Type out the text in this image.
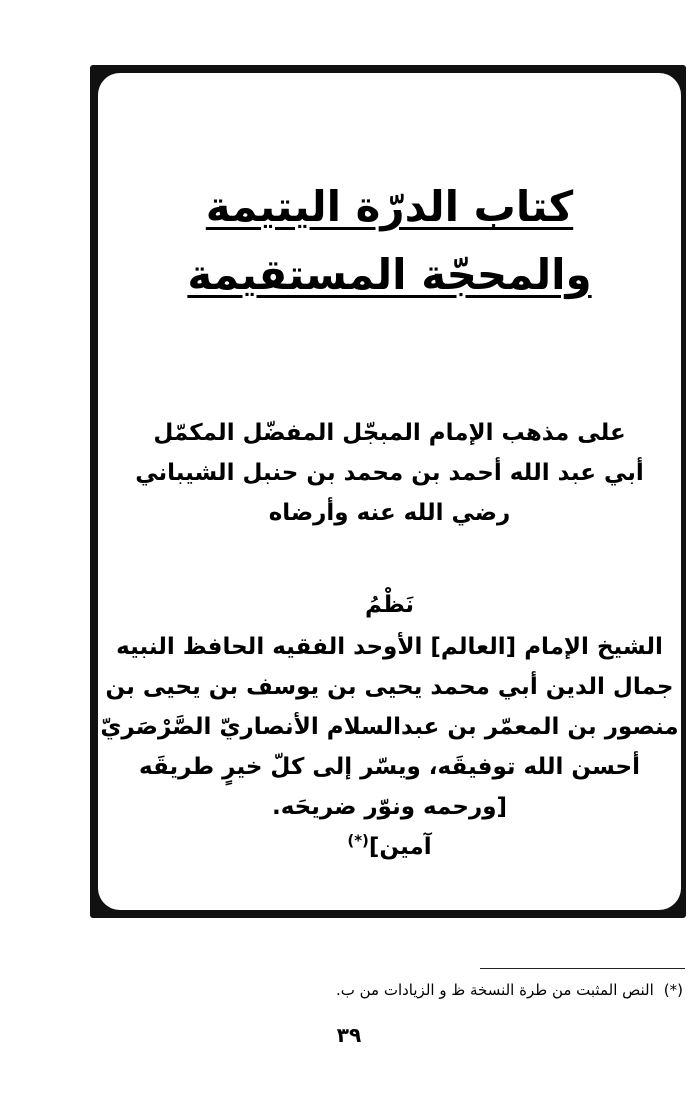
كتاب الدرّة اليتيمة
والمحجّة المستقيمة
على مذهب الإمام المبجّل المفضّل المكمّل
أبي عبد الله أحمد بن محمد بن حنبل الشيباني
رضي الله عنه وأرضاه
نَظْمُ
الشيخ الإمام [العالم] الأوحد الفقيه الحافظ النبيه
جمال الدين أبي محمد يحيى بن يوسف بن يحيى بن
منصور بن المعمّر بن عبدالسلام الأنصاريّ الصَّرْصَريّ
أحسن الله توفيقَه، ويسّر إلى كلّ خيرٍ طريقَه
[ورحمه ونوّر ضريحَه.
آمين](*)
(*)النص المثبت من طرة النسخة ظ و الزيادات من ب.
٣٩
